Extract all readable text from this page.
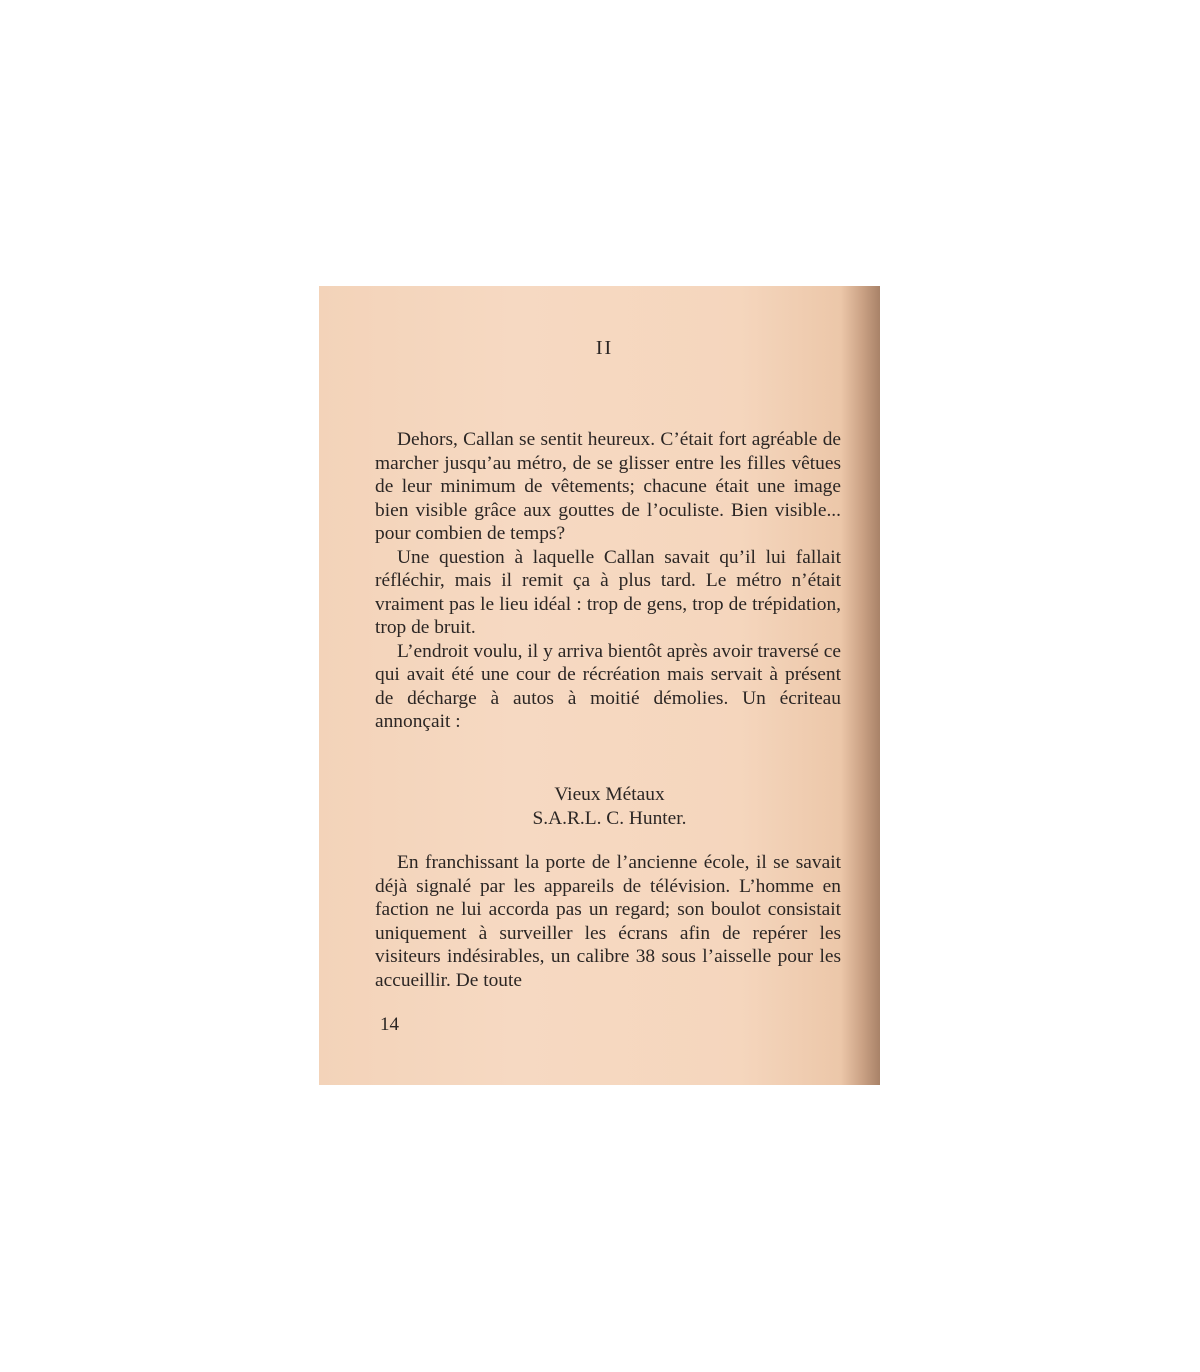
II

Dehors, Callan se sentit heureux. C’était fort agréable de marcher jusqu’au métro, de se glisser entre les filles vêtues de leur minimum de vêtements; chacune était une image bien visible grâce aux gouttes de l’oculiste. Bien visible... pour combien de temps?

Une question à laquelle Callan savait qu’il lui fallait réfléchir, mais il remit ça à plus tard. Le métro n’était vraiment pas le lieu idéal : trop de gens, trop de trépidation, trop de bruit.

L’endroit voulu, il y arriva bientôt après avoir traversé ce qui avait été une cour de récréation mais servait à présent de décharge à autos à moitié démolies. Un écriteau annonçait :

Vieux Métaux
S.A.R.L. C. Hunter.

En franchissant la porte de l’ancienne école, il se savait déjà signalé par les appareils de télévision. L’homme en faction ne lui accorda pas un regard; son boulot consistait uniquement à surveiller les écrans afin de repérer les visiteurs indésirables, un calibre 38 sous l’aisselle pour les accueillir. De toute

14
